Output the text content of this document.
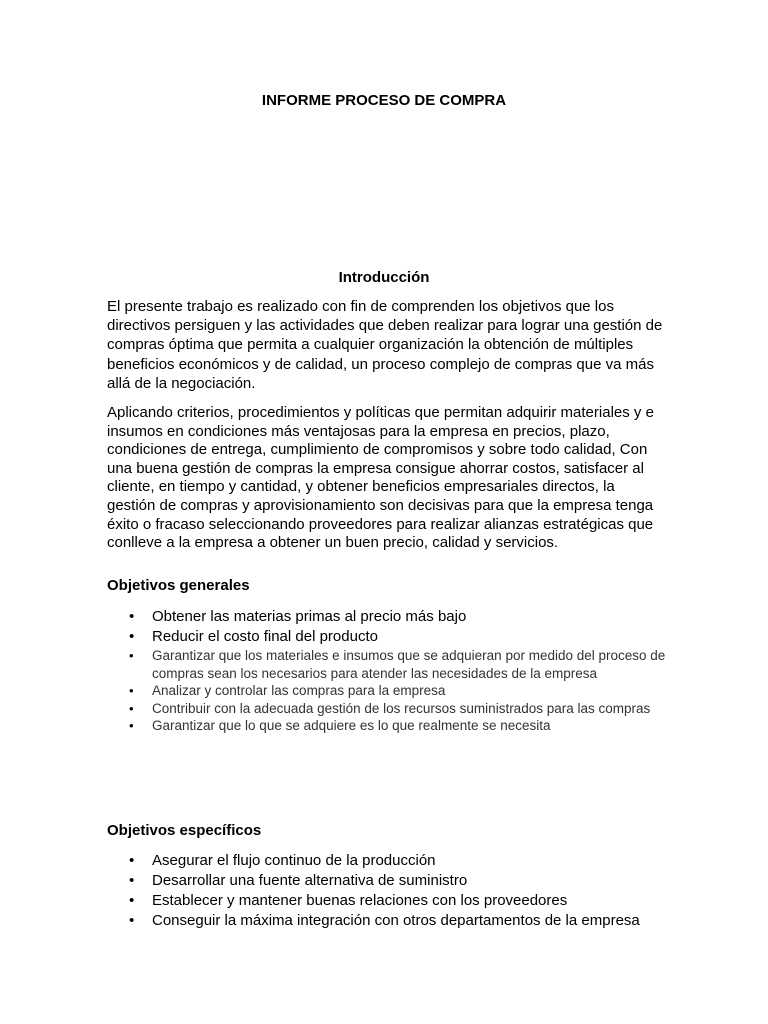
INFORME PROCESO DE COMPRA
Introducción

El presente trabajo es realizado con fin de comprenden los objetivos que los directivos persiguen y las actividades que deben realizar para lograr una gestión de compras óptima que permita a cualquier organización la obtención de múltiples beneficios económicos y de calidad, un proceso complejo de compras que va más allá de la negociación.

Aplicando criterios, procedimientos y políticas que permitan adquirir materiales y e insumos en condiciones más ventajosas para la empresa en precios, plazo, condiciones de entrega, cumplimiento de compromisos y sobre todo calidad, Con una buena gestión de compras la empresa consigue ahorrar costos, satisfacer al cliente, en tiempo y cantidad, y obtener beneficios empresariales directos, la gestión de compras y aprovisionamiento son decisivas para que la empresa tenga éxito o fracaso seleccionando proveedores para realizar alianzas estratégicas que conlleve a la empresa a obtener un buen precio, calidad y servicios.

Objetivos generales
• Obtener las materias primas al precio más bajo
• Reducir el costo final del producto
• Garantizar que los materiales e insumos que se adquieran por medido del proceso de compras sean los necesarios para atender las necesidades de la empresa
• Analizar y controlar las compras para la empresa
• Contribuir con la adecuada gestión de los recursos suministrados para las compras
• Garantizar que lo que se adquiere es lo que realmente se necesita
Objetivos específicos
• Asegurar el flujo continuo de la producción
• Desarrollar una fuente alternativa de suministro
• Establecer y mantener buenas relaciones con los proveedores
• Conseguir la máxima integración con otros departamentos de la empresa
